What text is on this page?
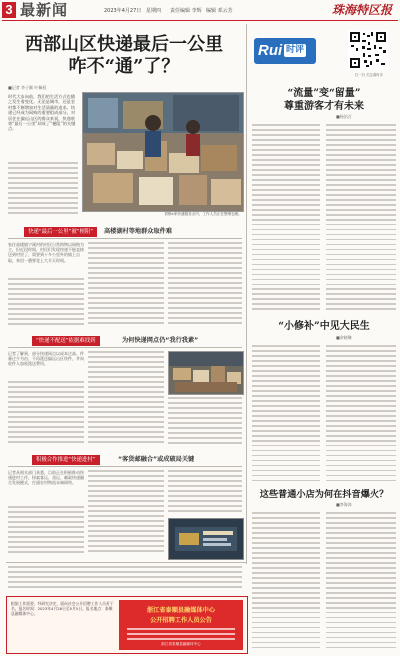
3 最新闻	2023年4月27日 星期四 责任编辑 李辉 编辑 邓云芳	珠海特区报
西部山区快递最后一公里
咋不“通”了？
■记者 李子颖 叶佩权
时代大步向前，我们的生活方式也随之发生着变化。无论是城市，还是农村都不断增加对生活质量的追求。快递已经成为网购的重要组成部分。对居住在偏远山区的群众来说，快递收寄“最后一公里”却成了“梗阻”的关键点。
供销e家快递服务点内，工作人员正在整理包裹。
快递“最后一公里”被“梗阻”	高楼湖村等地群众取件难
家住高楼镇宁溪村的村民日常购物以网购为主，但近段时间，村民们发现快递不能直接送到村里了，需要到十多公里外的镇上自取，来回一趟要花上大半天时间。
“快递不配送”依据难找到	为何快递网点仍“我行我素”
记者了解到，部分快递网点以成本过高、件量过少为由，不再派送偏远山区快件，并向收件人加收派送费用。
积极合作推进“快递进村”	“客货邮融合”或成破局关键
记者从相关部门获悉，目前正在积极推动快递进村工作，探索客运、货运、邮政快递融合发展模式，打通农村物流末端网络。
Rui 时评
扫一扫 关注睿时评
“流量”变“留量”
尊重游客才有未来
■杨治召
“小修补”中见大民生
■余晓琳
这些普通小店为何在抖音爆火？
■李海涛
根据工作需要，经研究决定，面向社会公开招聘工作人员若干名。报名时间：2023年4月28日至5月5日。报名地点：泰顺县融媒体中心。	浙江省泰顺县融媒体中心
公开招聘工作人员公告
浙江省泰顺县融媒体中心
